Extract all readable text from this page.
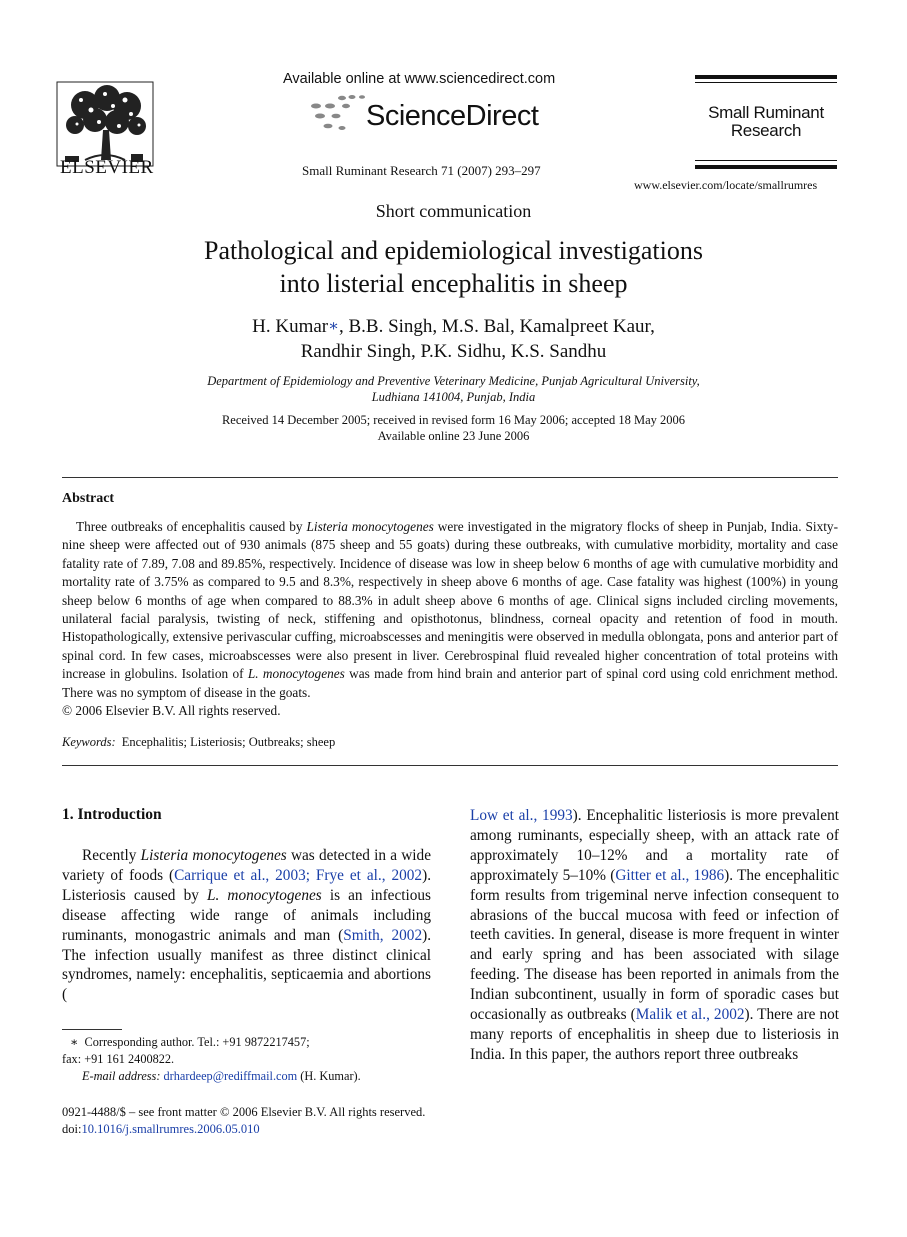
ELSEVIER
Available online at www.sciencedirect.com
ScienceDirect
Small Ruminant Research 71 (2007) 293–297
Small Ruminant
Research
www.elsevier.com/locate/smallrumres
Short communication
Pathological and epidemiological investigations
into listerial encephalitis in sheep
H. Kumar∗, B.B. Singh, M.S. Bal, Kamalpreet Kaur,
Randhir Singh, P.K. Sidhu, K.S. Sandhu
Department of Epidemiology and Preventive Veterinary Medicine, Punjab Agricultural University,
Ludhiana 141004, Punjab, India
Received 14 December 2005; received in revised form 16 May 2006; accepted 18 May 2006
Available online 23 June 2006
Abstract

Three outbreaks of encephalitis caused by Listeria monocytogenes were investigated in the migratory flocks of sheep in Punjab, India. Sixty-nine sheep were affected out of 930 animals (875 sheep and 55 goats) during these outbreaks, with cumulative morbidity, mortality and case fatality rate of 7.89, 7.08 and 89.85%, respectively. Incidence of disease was low in sheep below 6 months of age with cumulative morbidity and mortality rate of 3.75% as compared to 9.5 and 8.3%, respectively in sheep above 6 months of age. Case fatality was highest (100%) in young sheep below 6 months of age when compared to 88.3% in adult sheep above 6 months of age. Clinical signs included circling movements, unilateral facial paralysis, twisting of neck, stiffening and opisthotonus, blindness, corneal opacity and retention of food in mouth. Histopathologically, extensive perivascular cuffing, microabscesses and meningitis were observed in medulla oblongata, pons and anterior part of spinal cord. In few cases, microabscesses were also present in liver. Cerebrospinal fluid revealed higher concentration of total proteins with increase in globulins. Isolation of L. monocytogenes was made from hind brain and anterior part of spinal cord using cold enrichment method. There was no symptom of disease in the goats.

© 2006 Elsevier B.V. All rights reserved.
Keywords: Encephalitis; Listeriosis; Outbreaks; sheep
1. Introduction

Recently Listeria monocytogenes was detected in a wide variety of foods (Carrique et al., 2003; Frye et al., 2002). Listeriosis caused by L. monocytogenes is an infectious disease affecting wide range of animals including ruminants, monogastric animals and man (Smith, 2002). The infection usually manifest as three distinct clinical syndromes, namely: encephalitis, septicaemia and abortions (

Low et al., 1993). Encephalitic listeriosis is more prevalent among ruminants, especially sheep, with an attack rate of approximately 10–12% and a mortality rate of approximately 5–10% (Gitter et al., 1986). The encephalitic form results from trigeminal nerve infection consequent to abrasions of the buccal mucosa with feed or infection of teeth cavities. In general, disease is more frequent in winter and early spring and has been associated with silage feeding. The disease has been reported in animals from the Indian subcontinent, usually in form of sporadic cases but occasionally as outbreaks (Malik et al., 2002). There are not many reports of encephalitis in sheep due to listeriosis in India. In this paper, the authors report three outbreaks

∗ Corresponding author. Tel.: +91 9872217457;

fax: +91 161 2400822.

E-mail address: drhardeep@rediffmail.com (H. Kumar).

0921-4488/$ – see front matter © 2006 Elsevier B.V. All rights reserved.

doi:10.1016/j.smallrumres.2006.05.010
